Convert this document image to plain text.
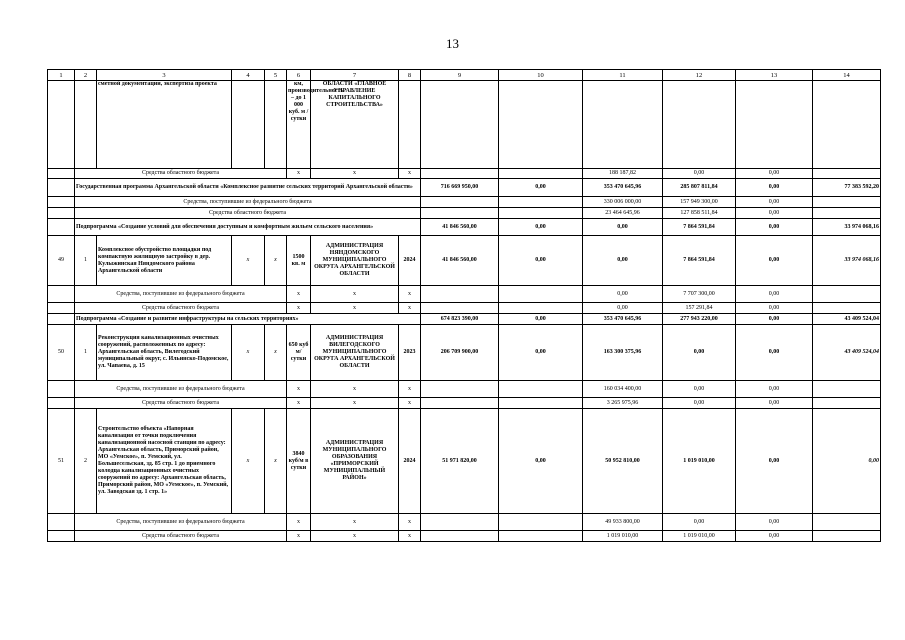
13
1	2	3	4	5	6	7	8	9	10	11	12	13	14
		сметной документации, экспертиза проекта			км, производительность – до 1 000 куб. м / сутки	ОБЛАСТИ «ГЛАВНОЕ УПРАВЛЕНИЕ КАПИТАЛЬНОГО СТРОИТЕЛЬСТВА»							
	Средства областного бюджета				x	x	x			188 187,82	0,00	0,00	
	Государственная программа Архангельской области «Комплексное развитие сельских территорий Архангельской области»							716 669 950,00	0,00	353 470 645,96	285 807 811,84	0,00	77 383 592,20
	Средства, поступившие из федерального бюджета									330 006 000,00	157 949 300,00	0,00	
	Средства областного бюджета									23 464 645,96	127 858 511,84	0,00	
	Подпрограмма «Создание условий для обеспечения доступным и комфортным жильем сельского населения»							41 846 560,00	0,00	0,00	7 864 591,84	0,00	33 974 068,16
49	1	Комплексное обустройство площадки под компактную жилищную застройку в дер. Кулыжинская Няндомского района Архангельской области	x	x	1500 кв. м	АДМИНИСТРАЦИЯ НЯНДОМСКОГО МУНИЦИПАЛЬНОГО ОКРУГА АРХАНГЕЛЬСКОЙ ОБЛАСТИ	2024	41 846 560,00	0,00	0,00	7 864 591,84	0,00	33 974 068,16
	Средства, поступившие из федерального бюджета				x	x	x			0,00	7 707 300,00	0,00	
	Средства областного бюджета				x	x	x			0,00	157 291,84	0,00	
	Подпрограмма «Создание и развитие инфраструктуры на сельских территориях»							674 823 390,00	0,00	353 470 645,96	277 943 220,00	0,00	43 409 524,04
50	1	Реконструкция канализационных очистных сооружений, расположенных по адресу: Архангельская область, Вилегодский муниципальный округ, с. Ильинско-Подомское, ул. Чапаева, д. 15	x	x	650 куб м/сутки	АДМИНИСТРАЦИЯ ВИЛЕГОДСКОГО МУНИЦИПАЛЬНОГО ОКРУГА АРХАНГЕЛЬСКОЙ ОБЛАСТИ	2023	206 709 900,00	0,00	163 300 375,96	0,00	0,00	43 409 524,04
	Средства, поступившие из федерального бюджета				x	x	x			160 034 400,00	0,00	0,00	
	Средства областного бюджета				x	x	x			3 265 975,96	0,00	0,00	
51	2	Строительство объекта «Напорная канализация от точки подключения канализационной насосной станции по адресу: Архангельская область, Приморский район, МО «Уемское», п. Уемский, ул. Большесельская, зд. 85 стр. 1 до приемного колодца канализационных очистных сооружений по адресу: Архангельская область, Приморский район, МО «Уемское», п. Уемский, ул. Заводская зд. 1 стр. 1»	x	x	3840 куб/м в сутки	АДМИНИСТРАЦИЯ МУНИЦИПАЛЬНОГО ОБРАЗОВАНИЯ «ПРИМОРСКИЙ МУНИЦИПАЛЬНЫЙ РАЙОН»	2024	51 971 820,00	0,00	50 952 810,00	1 019 010,00	0,00	0,00
	Средства, поступившие из федерального бюджета				x	x	x			49 933 800,00	0,00	0,00	
	Средства областного бюджета				x	x	x			1 019 010,00	1 019 010,00	0,00	
